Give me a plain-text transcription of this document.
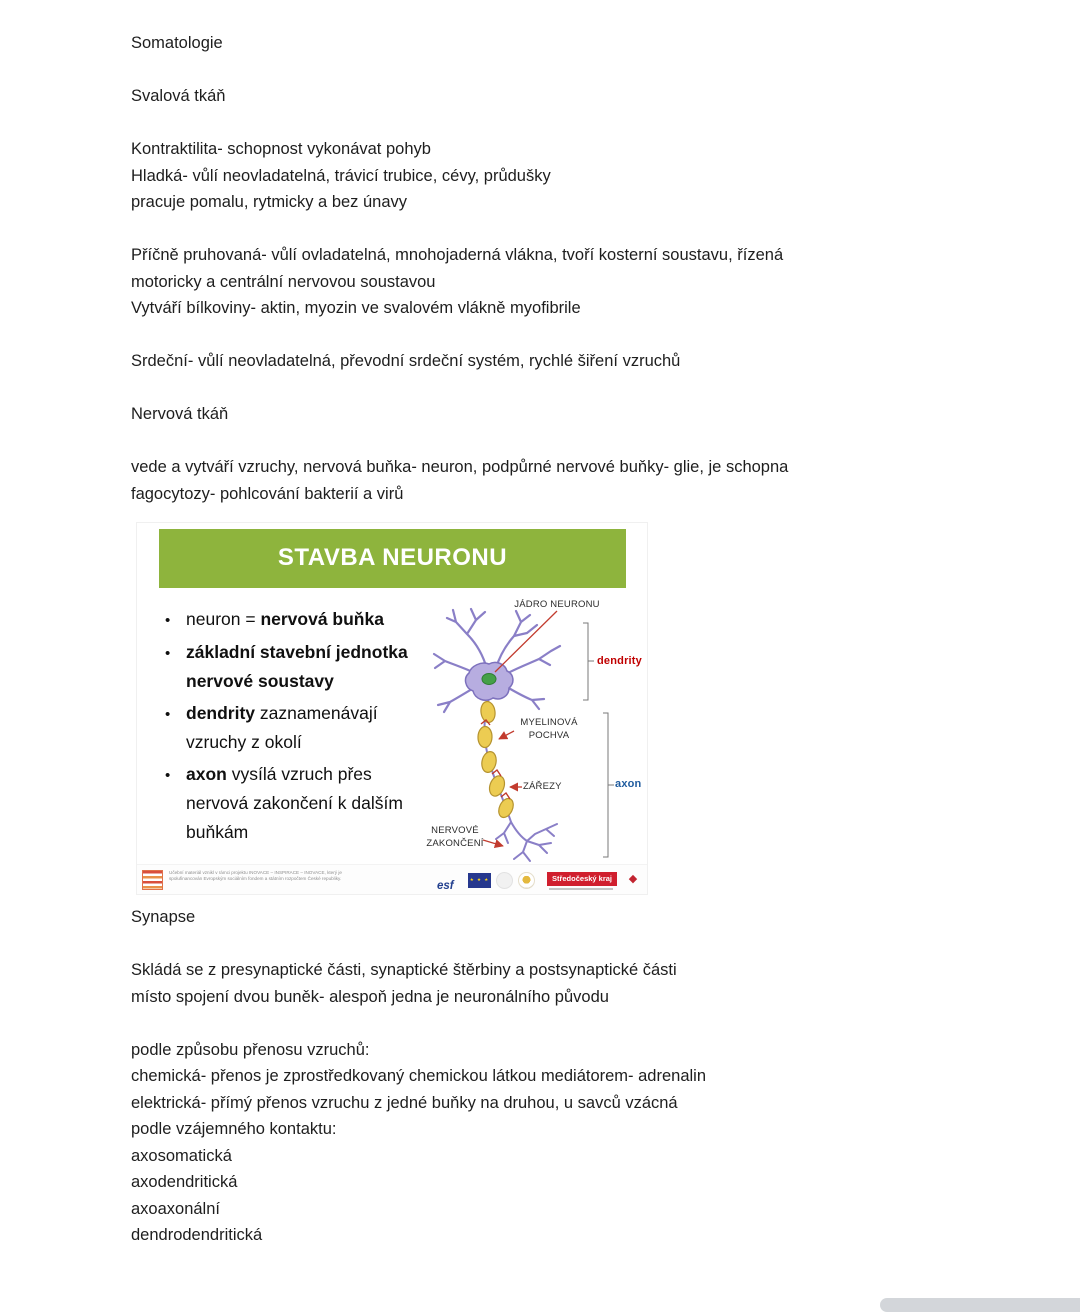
Somatologie
Svalová tkáň
Kontraktilita- schopnost vykonávat pohyb
Hladká- vůlí neovladatelná, trávicí trubice, cévy, průdušky
pracuje pomalu, rytmicky a bez únavy
Příčně pruhovaná- vůlí ovladatelná, mnohojaderná vlákna, tvoří kosterní soustavu, řízená
motoricky a centrální nervovou soustavou
Vytváří bílkoviny- aktin, myozin ve svalovém vlákně myofibrile
Srdeční- vůlí neovladatelná, převodní srdeční systém, rychlé šiření vzruchů
Nervová tkáň
vede a vytváří vzruchy, nervová buňka- neuron, podpůrné nervové buňky- glie, je schopna
fagocytozy- pohlcování bakterií a virů
STAVBA NEURONU
•
neuron = nervová buňka
•
základní stavební jednotka
nervové soustavy
•
dendrity zaznamenávají
vzruchy z okolí
•
axon vysílá vzruch přes
nervová zakončení k dalším
buňkám
JÁDRO NEURONU
dendrity
MYELINOVÁ
POCHVA
ZÁŘEZY	axon
NERVOVÉ
ZAKONČENÍ
Učební materiál vznikl v rámci projektu INOVACE – INSPIRACE – INOVACE, který je spolufinancován Evropským sociálním fondem a státním rozpočtem České republiky.
esf
★ ★ ★	Středočeský kraj	◆
Synapse
Skládá se z presynaptické části, synaptické štěrbiny a postsynaptické části
místo spojení dvou buněk- alespoň jedna je neuronálního původu
podle způsobu přenosu vzruchů:
chemická- přenos je zprostředkovaný chemickou látkou mediátorem- adrenalin
elektrická- přímý přenos vzruchu z jedné buňky na druhou, u savců vzácná
podle vzájemného kontaktu:
axosomatická
axodendritická
axoaxonální
dendrodendritická
